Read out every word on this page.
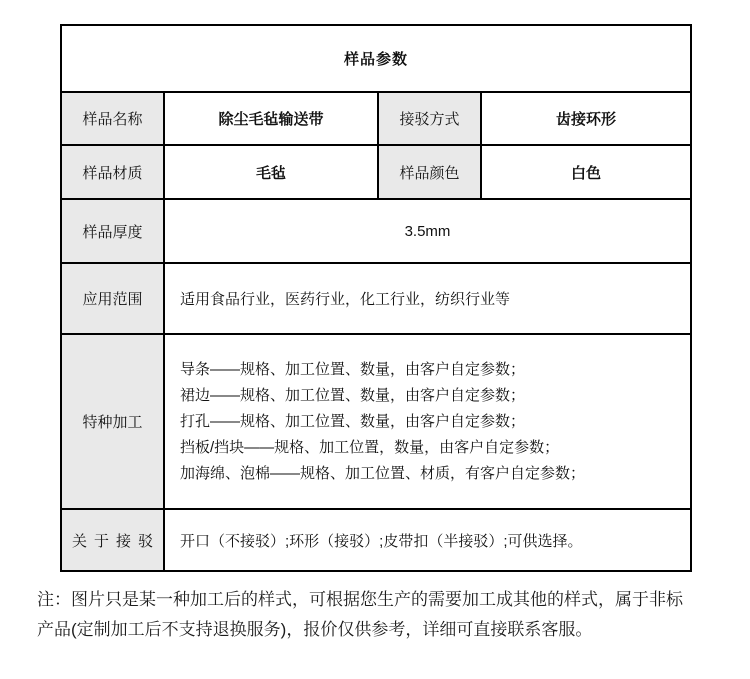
样品参数			
样品名称	除尘毛毡输送带	接驳方式	齿接环形
样品材质	毛毡	样品颜色	白色
样品厚度	3.5mm		
应用范围	适用食品行业，医药行业，化工行业，纺织行业等		
特种加工	导条——规格、加工位置、数量，由客户自定参数；
裙边——规格、加工位置、数量，由客户自定参数；
打孔——规格、加工位置、数量，由客户自定参数；
挡板/挡块——规格、加工位置，数量，由客户自定参数；
加海绵、泡棉——规格、加工位置、材质，有客户自定参数；		

关于接驳	开口（不接驳）;环形（接驳）;皮带扣（半接驳）;可供选择。		
注：图片只是某一种加工后的样式，可根据您生产的需要加工成其他的样式，属于非标
产品(定制加工后不支持退换服务)，报价仅供参考，详细可直接联系客服。
